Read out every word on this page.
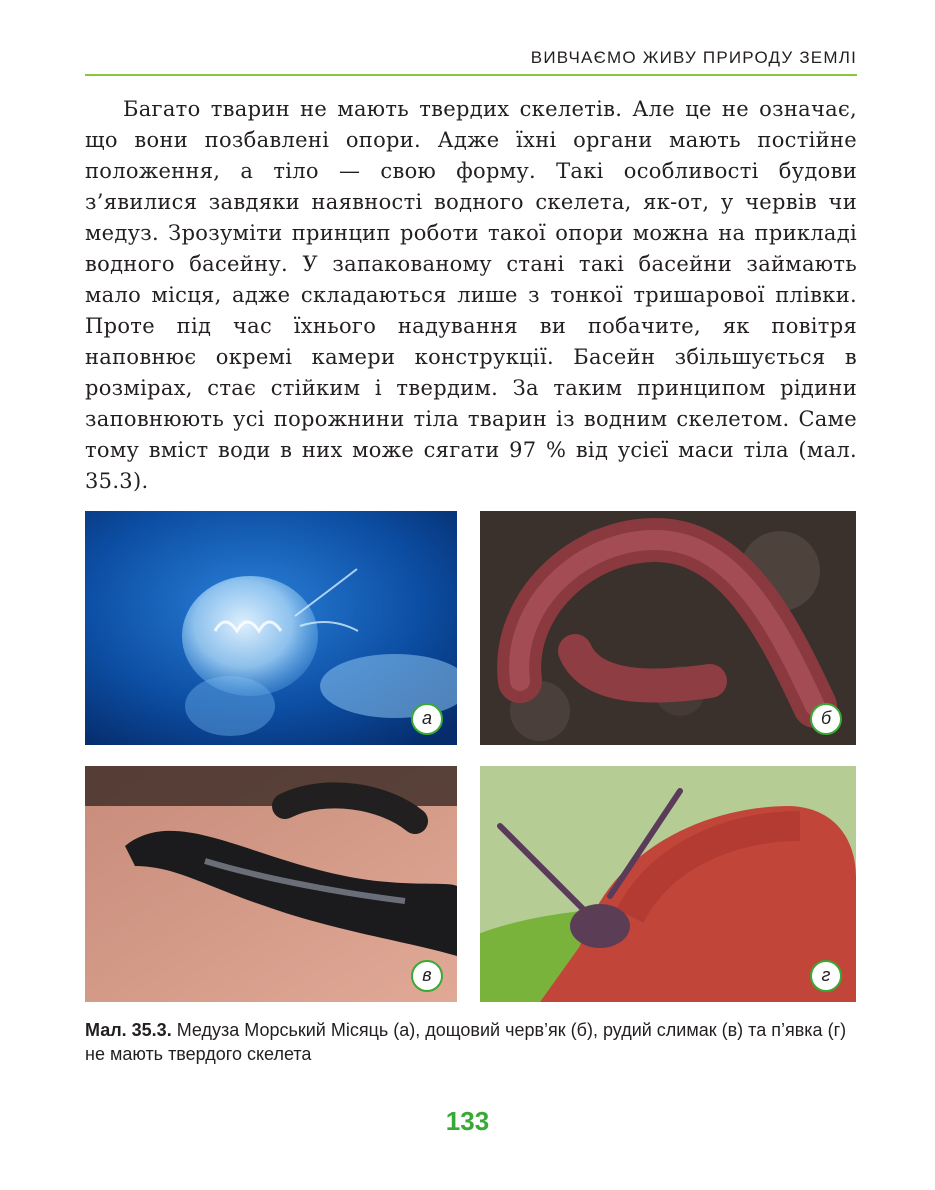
ВИВЧАЄМО ЖИВУ ПРИРОДУ ЗЕМЛІ

Багато тварин не мають твердих скелетів. Але це не означає, що вони позбавлені опори. Адже їхні органи мають постійне положення, а тіло — свою форму. Такі особливості будови з’явилися завдяки наявності водного скелета, як-от, у червів чи медуз. Зрозуміти принцип роботи такої опори можна на прикладі водного басейну. У запакованому стані такі басейни займають мало місця, адже складаються лише з тонкої тришарової плівки. Проте під час їхнього надування ви побачите, як повітря наповнює окремі камери конструкції. Басейн збільшується в розмірах, стає стійким і твердим. За таким принципом рідини заповнюють усі порожнини тіла тварин із водним скелетом. Саме тому вміст води в них може сягати 97 % від усієї маси тіла (мал. 35.3).

а	б
в	г
Мал. 35.3. Медуза Морський Місяць (а), дощовий черв’як (б), рудий слимак (в) та п’явка (г) не мають твердого скелета
133
